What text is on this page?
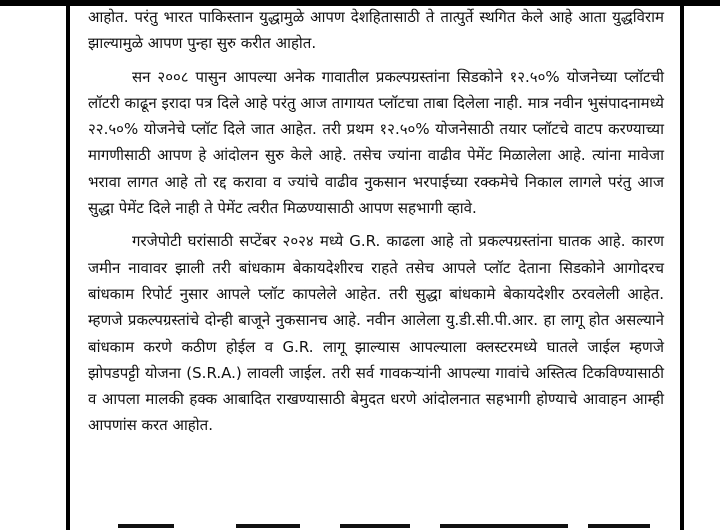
आहोत. परंतु भारत पाकिस्तान युद्धामुळे आपण देशहितासाठी ते तात्पुर्ते स्थगित केले आहे आता युद्धविराम झाल्यामुळे आपण पुन्हा सुरु करीत आहोत.

सन २००८ पासुन आपल्या अनेक गावातील प्रकल्पग्रस्तांना सिडकोने १२.५०% योजनेच्या प्लॉटची लॉटरी काढून इरादा पत्र दिले आहे परंतु आज तागायत प्लॉटचा ताबा दिलेला नाही. मात्र नवीन भुसंपादनामध्ये २२.५०% योजनेचे प्लॉट दिले जात आहेत. तरी प्रथम १२.५०% योजनेसाठी तयार प्लॉटचे वाटप करण्याच्या मागणीसाठी आपण हे आंदोलन सुरु केले आहे. तसेच ज्यांना वाढीव पेमेंट मिळालेला आहे. त्यांना मावेजा भरावा लागत आहे तो रद्द करावा व ज्यांचे वाढीव नुकसान भरपाईच्या रक्कमेचे निकाल लागले परंतु आज सुद्धा पेमेंट दिले नाही ते पेमेंट त्वरीत मिळण्यासाठी आपण सहभागी व्हावे.

गरजेपोटी घरांसाठी सप्टेंबर २०२४ मध्ये G.R. काढला आहे तो प्रकल्पग्रस्तांना घातक आहे. कारण जमीन नावावर झाली तरी बांधकाम बेकायदेशीरच राहते तसेच आपले प्लॉट देताना सिडकोने आगोदरच बांधकाम रिपोर्ट नुसार आपले प्लॉट कापलेले आहेत. तरी सुद्धा बांधकामे बेकायदेशीर ठरवलेली आहेत. म्हणजे प्रकल्पग्रस्तांचे दोन्ही बाजूने नुकसानच आहे. नवीन आलेला यु.डी.सी.पी.आर. हा लागू होत असल्याने बांधकाम करणे कठीण होईल व G.R. लागू झाल्यास आपल्याला क्लस्टरमध्ये घातले जाईल म्हणजे झोपडपट्टी योजना (S.R.A.) लावली जाईल. तरी सर्व गावकऱ्यांनी आपल्या गावांचे अस्तित्व टिकविण्यासाठी व आपला मालकी हक्क आबादित राखण्यासाठी बेमुदत धरणे आंदोलनात सहभागी होण्याचे आवाहन आम्ही आपणांस करत आहोत.
